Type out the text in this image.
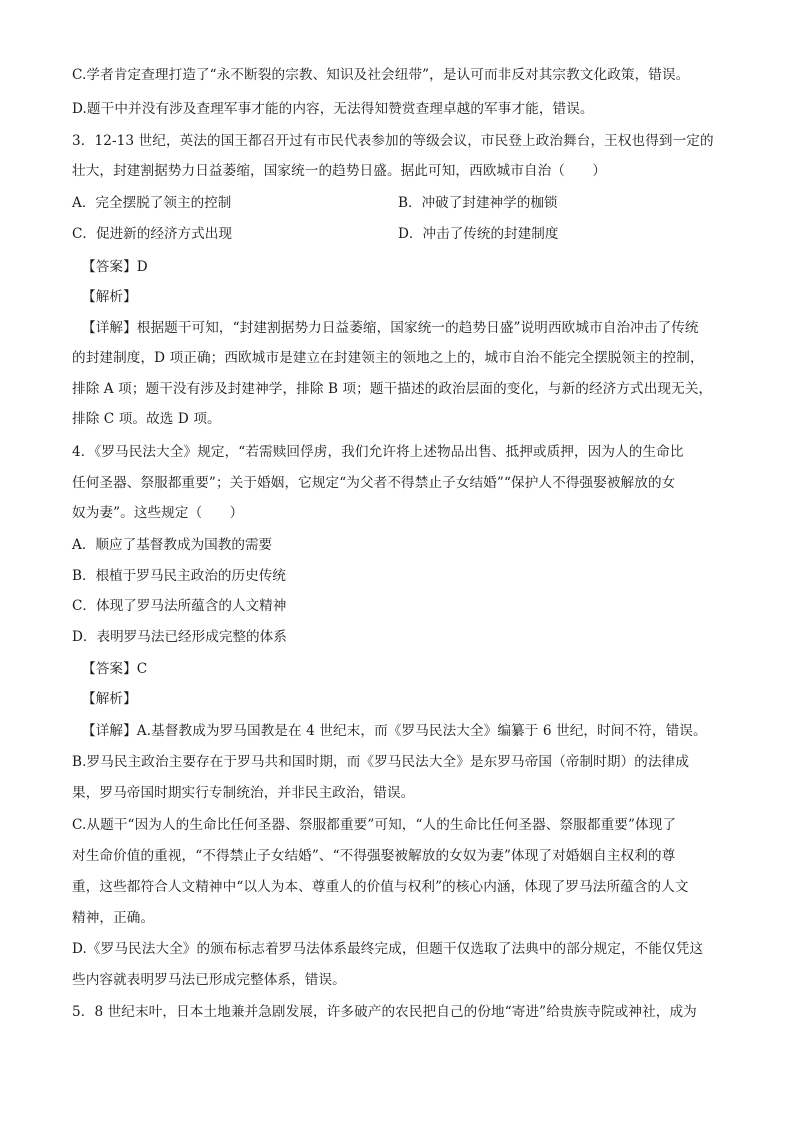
C.学者肯定查理打造了“永不断裂的宗教、知识及社会纽带”，是认可而非反对其宗教文化政策，错误。
D.题干中并没有涉及查理军事才能的内容，无法得知赞赏查理卓越的军事才能，错误。
3．12-13 世纪，英法的国王都召开过有市民代表参加的等级会议，市民登上政治舞台，王权也得到一定的
壮大，封建割据势力日益萎缩，国家统一的趋势日盛。据此可知，西欧城市自治（　　）
A．完全摆脱了领主的控制	B．冲破了封建神学的枷锁
C．促进新的经济方式出现	D．冲击了传统的封建制度
【答案】D
【解析】
【详解】根据题干可知，“封建割据势力日益萎缩，国家统一的趋势日盛”说明西欧城市自治冲击了传统
的封建制度，D 项正确；西欧城市是建立在封建领主的领地之上的，城市自治不能完全摆脱领主的控制，
排除 A 项；题干没有涉及封建神学，排除 B 项；题干描述的政治层面的变化，与新的经济方式出现无关，
排除 C 项。故选 D 项。
4．《罗马民法大全》规定，“若需赎回俘虏，我们允许将上述物品出售、抵押或质押，因为人的生命比
任何圣器、祭服都重要”；关于婚姻，它规定“为父者不得禁止子女结婚”“保护人不得强娶被解放的女
奴为妻”。这些规定（　　）
A．顺应了基督教成为国教的需要
B．根植于罗马民主政治的历史传统
C．体现了罗马法所蕴含的人文精神
D．表明罗马法已经形成完整的体系
【答案】C
【解析】
【详解】A.基督教成为罗马国教是在 4 世纪末，而《罗马民法大全》编纂于 6 世纪，时间不符，错误。
B.罗马民主政治主要存在于罗马共和国时期，而《罗马民法大全》是东罗马帝国（帝制时期）的法律成
果，罗马帝国时期实行专制统治，并非民主政治，错误。
C.从题干“因为人的生命比任何圣器、祭服都重要”可知，“人的生命比任何圣器、祭服都重要”体现了
对生命价值的重视，“不得禁止子女结婚”、“不得强娶被解放的女奴为妻”体现了对婚姻自主权利的尊
重，这些都符合人文精神中“以人为本、尊重人的价值与权利”的核心内涵，体现了罗马法所蕴含的人文
精神，正确。
D.《罗马民法大全》的颁布标志着罗马法体系最终完成，但题干仅选取了法典中的部分规定，不能仅凭这
些内容就表明罗马法已形成完整体系，错误。
5．8 世纪末叶，日本土地兼并急剧发展，许多破产的农民把自己的份地“寄进”给贵族寺院或神社，成为
